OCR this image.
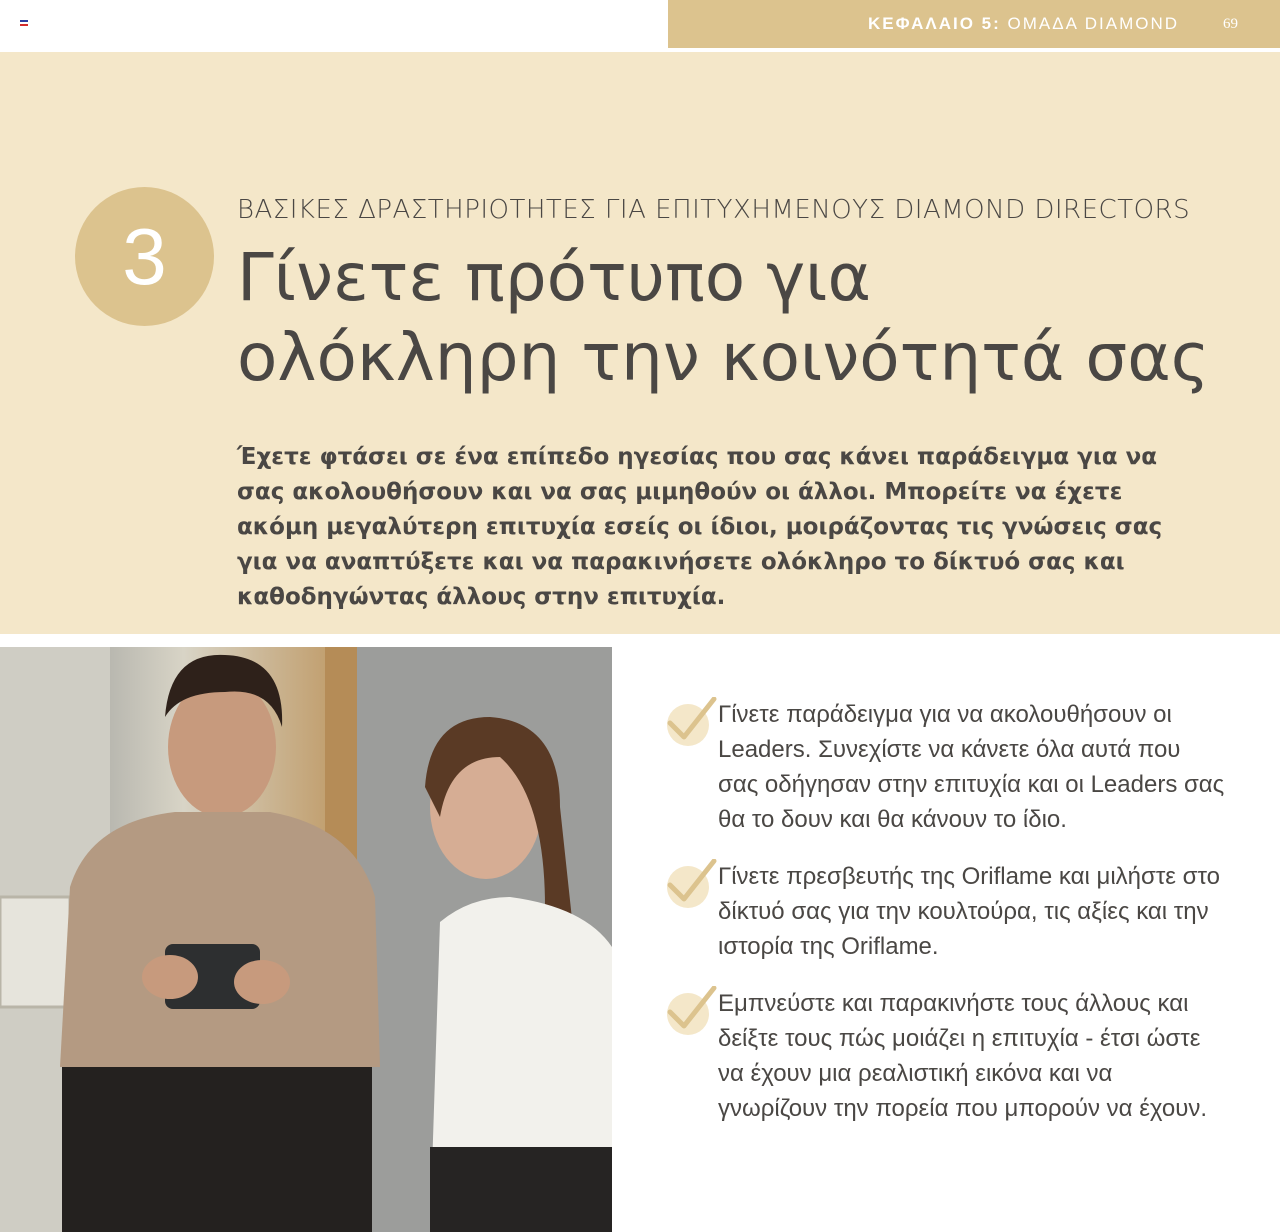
ΚΕΦΑΛΑΙΟ 5: ΟΜΑΔΑ DIAMOND	69
3
ΒΑΣΙΚΕΣ ΔΡΑΣΤΗΡΙΟΤΗΤΕΣ ΓΙΑ ΕΠΙΤΥΧΗΜΕΝΟΥΣ DIAMOND DIRECTORS
Γίνετε πρότυπο για
ολόκληρη την κοινότητά σας
Έχετε φτάσει σε ένα επίπεδο ηγεσίας που σας κάνει παράδειγμα για να σας ακολουθήσουν και να σας μιμηθούν οι άλλοι. Μπορείτε να έχετε ακόμη μεγαλύτερη επιτυχία εσείς οι ίδιοι, μοιράζοντας τις γνώσεις σας για να αναπτύξετε και να παρακινήσετε ολόκληρο το δίκτυό σας και καθοδηγώντας άλλους στην επιτυχία.
Γίνετε παράδειγμα για να ακολουθήσουν οι Leaders. Συνεχίστε να κάνετε όλα αυτά που σας οδήγησαν στην επιτυχία και οι Leaders σας θα το δουν και θα κάνουν το ίδιο.
Γίνετε πρεσβευτής της Oriflame και μιλήστε στο δίκτυό σας για την κουλτούρα, τις αξίες και την ιστορία της Oriflame.
Εμπνεύστε και παρακινήστε τους άλλους και δείξτε τους πώς μοιάζει η επιτυχία - έτσι ώστε να έχουν μια ρεαλιστική εικόνα και να γνωρίζουν την πορεία που μπορούν να έχουν.
